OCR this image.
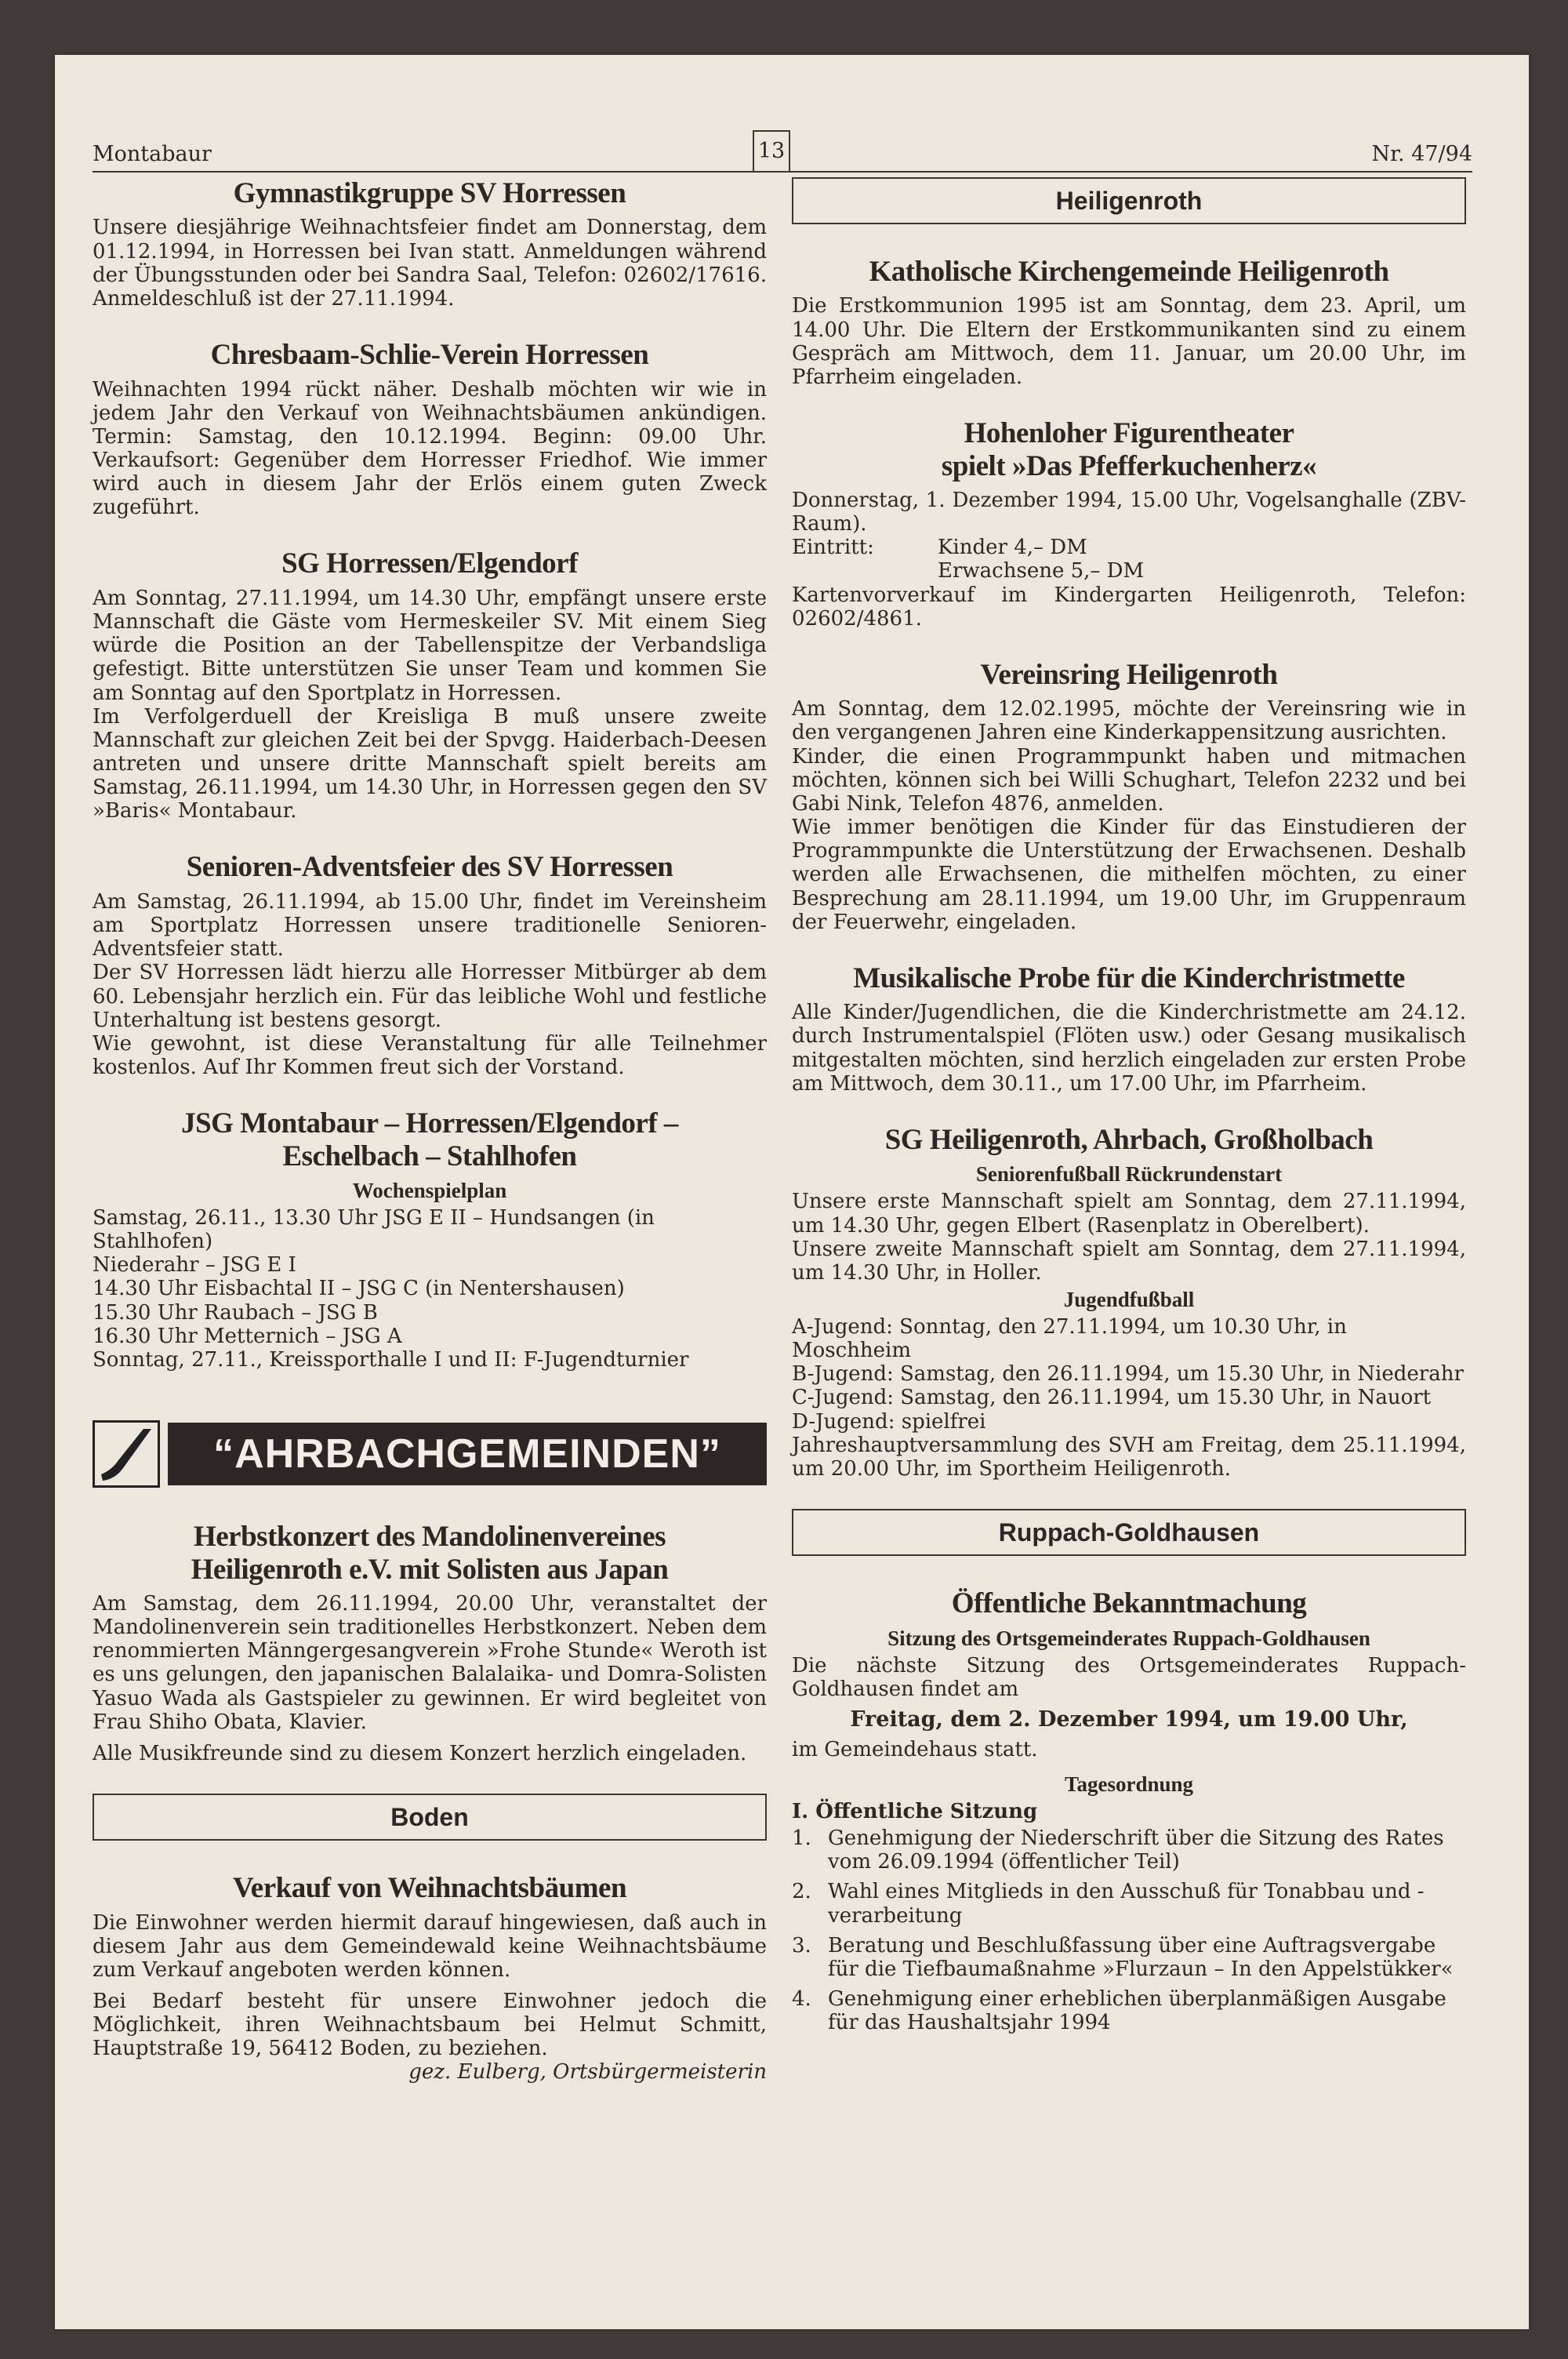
Montabaur	13	Nr. 47/94
Gymnastikgruppe SV Horressen

Unsere diesjährige Weihnachtsfeier findet am Donnerstag, dem 01.12.1994, in Horressen bei Ivan statt. Anmeldungen während der Übungsstunden oder bei Sandra Saal, Telefon: 02602/17616. Anmeldeschluß ist der 27.11.1994.

Chresbaam-Schlie-Verein Horressen

Weihnachten 1994 rückt näher. Deshalb möchten wir wie in jedem Jahr den Verkauf von Weihnachtsbäumen ankündigen. Termin: Samstag, den 10.12.1994. Beginn: 09.00 Uhr. Verkaufsort: Gegenüber dem Horresser Friedhof. Wie immer wird auch in diesem Jahr der Erlös einem guten Zweck zugeführt.

SG Horressen/Elgendorf

Am Sonntag, 27.11.1994, um 14.30 Uhr, empfängt unsere erste Mannschaft die Gäste vom Hermeskeiler SV. Mit einem Sieg würde die Position an der Tabellenspitze der Verbandsliga gefestigt. Bitte unterstützen Sie unser Team und kommen Sie am Sonntag auf den Sportplatz in Horressen.

Im Verfolgerduell der Kreisliga B muß unsere zweite Mannschaft zur gleichen Zeit bei der Spvgg. Haiderbach-Deesen antreten und unsere dritte Mannschaft spielt bereits am Samstag, 26.11.1994, um 14.30 Uhr, in Horressen gegen den SV »Baris« Montabaur.

Senioren-Adventsfeier des SV Horressen

Am Samstag, 26.11.1994, ab 15.00 Uhr, findet im Vereinsheim am Sportplatz Horressen unsere traditionelle Senioren-Adventsfeier statt.

Der SV Horressen lädt hierzu alle Horresser Mitbürger ab dem 60. Lebensjahr herzlich ein. Für das leibliche Wohl und festliche Unterhaltung ist bestens gesorgt.

Wie gewohnt, ist diese Veranstaltung für alle Teilnehmer kostenlos. Auf Ihr Kommen freut sich der Vorstand.

JSG Montabaur – Horressen/Elgendorf –
Eschelbach – Stahlhofen
Wochenspielplan

Samstag, 26.11., 13.30 Uhr JSG E II – Hundsangen (in Stahlhofen)

Niederahr – JSG E I

14.30 Uhr Eisbachtal II – JSG C (in Nentershausen)

15.30 Uhr Raubach – JSG B

16.30 Uhr Metternich – JSG A

Sonntag, 27.11., Kreissporthalle I und II: F-Jugendturnier

“AHRBACHGEMEINDEN”
Herbstkonzert des Mandolinenvereines
Heiligenroth e.V. mit Solisten aus Japan

Am Samstag, dem 26.11.1994, 20.00 Uhr, veranstaltet der Mandolinenverein sein traditionelles Herbstkonzert. Neben dem renommierten Männgergesangverein »Frohe Stunde« Weroth ist es uns gelungen, den japanischen Balalaika- und Domra-Solisten Yasuo Wada als Gastspieler zu gewinnen. Er wird begleitet von Frau Shiho Obata, Klavier.

Alle Musikfreunde sind zu diesem Konzert herzlich eingeladen.

Boden
Verkauf von Weihnachtsbäumen

Die Einwohner werden hiermit darauf hingewiesen, daß auch in diesem Jahr aus dem Gemeindewald keine Weihnachtsbäume zum Verkauf angeboten werden können.

Bei Bedarf besteht für unsere Einwohner jedoch die Möglichkeit, ihren Weihnachtsbaum bei Helmut Schmitt, Hauptstraße 19, 56412 Boden, zu beziehen.

gez. Eulberg, Ortsbürgermeisterin

Heiligenroth
Katholische Kirchengemeinde Heiligenroth

Die Erstkommunion 1995 ist am Sonntag, dem 23. April, um 14.00 Uhr. Die Eltern der Erstkommunikanten sind zu einem Gespräch am Mittwoch, dem 11. Januar, um 20.00 Uhr, im Pfarrheim eingeladen.

Hohenloher Figurentheater
spielt »Das Pfefferkuchenherz«

Donnerstag, 1. Dezember 1994, 15.00 Uhr, Vogelsanghalle (ZBV-Raum).

Eintritt:	Kinder 4,– DM

Erwachsene 5,– DM

Kartenvorverkauf im Kindergarten Heiligenroth, Telefon: 02602/4861.

Vereinsring Heiligenroth

Am Sonntag, dem 12.02.1995, möchte der Vereinsring wie in den vergangenen Jahren eine Kinderkappensitzung ausrichten.

Kinder, die einen Programmpunkt haben und mitmachen möchten, können sich bei Willi Schughart, Telefon 2232 und bei Gabi Nink, Telefon 4876, anmelden.

Wie immer benötigen die Kinder für das Einstudieren der Programmpunkte die Unterstützung der Erwachsenen. Deshalb werden alle Erwachsenen, die mithelfen möchten, zu einer Besprechung am 28.11.1994, um 19.00 Uhr, im Gruppenraum der Feuerwehr, eingeladen.

Musikalische Probe für die Kinderchristmette

Alle Kinder/Jugendlichen, die die Kinderchristmette am 24.12. durch Instrumentalspiel (Flöten usw.) oder Gesang musikalisch mitgestalten möchten, sind herzlich eingeladen zur ersten Probe am Mittwoch, dem 30.11., um 17.00 Uhr, im Pfarrheim.

SG Heiligenroth, Ahrbach, Großholbach
Seniorenfußball Rückrundenstart

Unsere erste Mannschaft spielt am Sonntag, dem 27.11.1994, um 14.30 Uhr, gegen Elbert (Rasenplatz in Oberelbert).

Unsere zweite Mannschaft spielt am Sonntag, dem 27.11.1994, um 14.30 Uhr, in Holler.

Jugendfußball

A-Jugend: Sonntag, den 27.11.1994, um 10.30 Uhr, in Moschheim

B-Jugend: Samstag, den 26.11.1994, um 15.30 Uhr, in Niederahr

C-Jugend: Samstag, den 26.11.1994, um 15.30 Uhr, in Nauort

D-Jugend: spielfrei

Jahreshauptversammlung des SVH am Freitag, dem 25.11.1994, um 20.00 Uhr, im Sportheim Heiligenroth.

Ruppach-Goldhausen
Öffentliche Bekanntmachung
Sitzung des Ortsgemeinderates Ruppach-Goldhausen

Die nächste Sitzung des Ortsgemeinderates Ruppach-Goldhausen findet am

Freitag, dem 2. Dezember 1994, um 19.00 Uhr,

im Gemeindehaus statt.

Tagesordnung

I. Öffentliche Sitzung

1. Genehmigung der Niederschrift über die Sitzung des Rates vom 26.09.1994 (öffentlicher Teil)
2. Wahl eines Mitglieds in den Ausschuß für Tonabbau und -verarbeitung
3. Beratung und Beschlußfassung über eine Auftragsvergabe für die Tiefbaumaßnahme »Flurzaun – In den Appelstükker«
4. Genehmigung einer erheblichen überplanmäßigen Ausgabe für das Haushaltsjahr 1994
